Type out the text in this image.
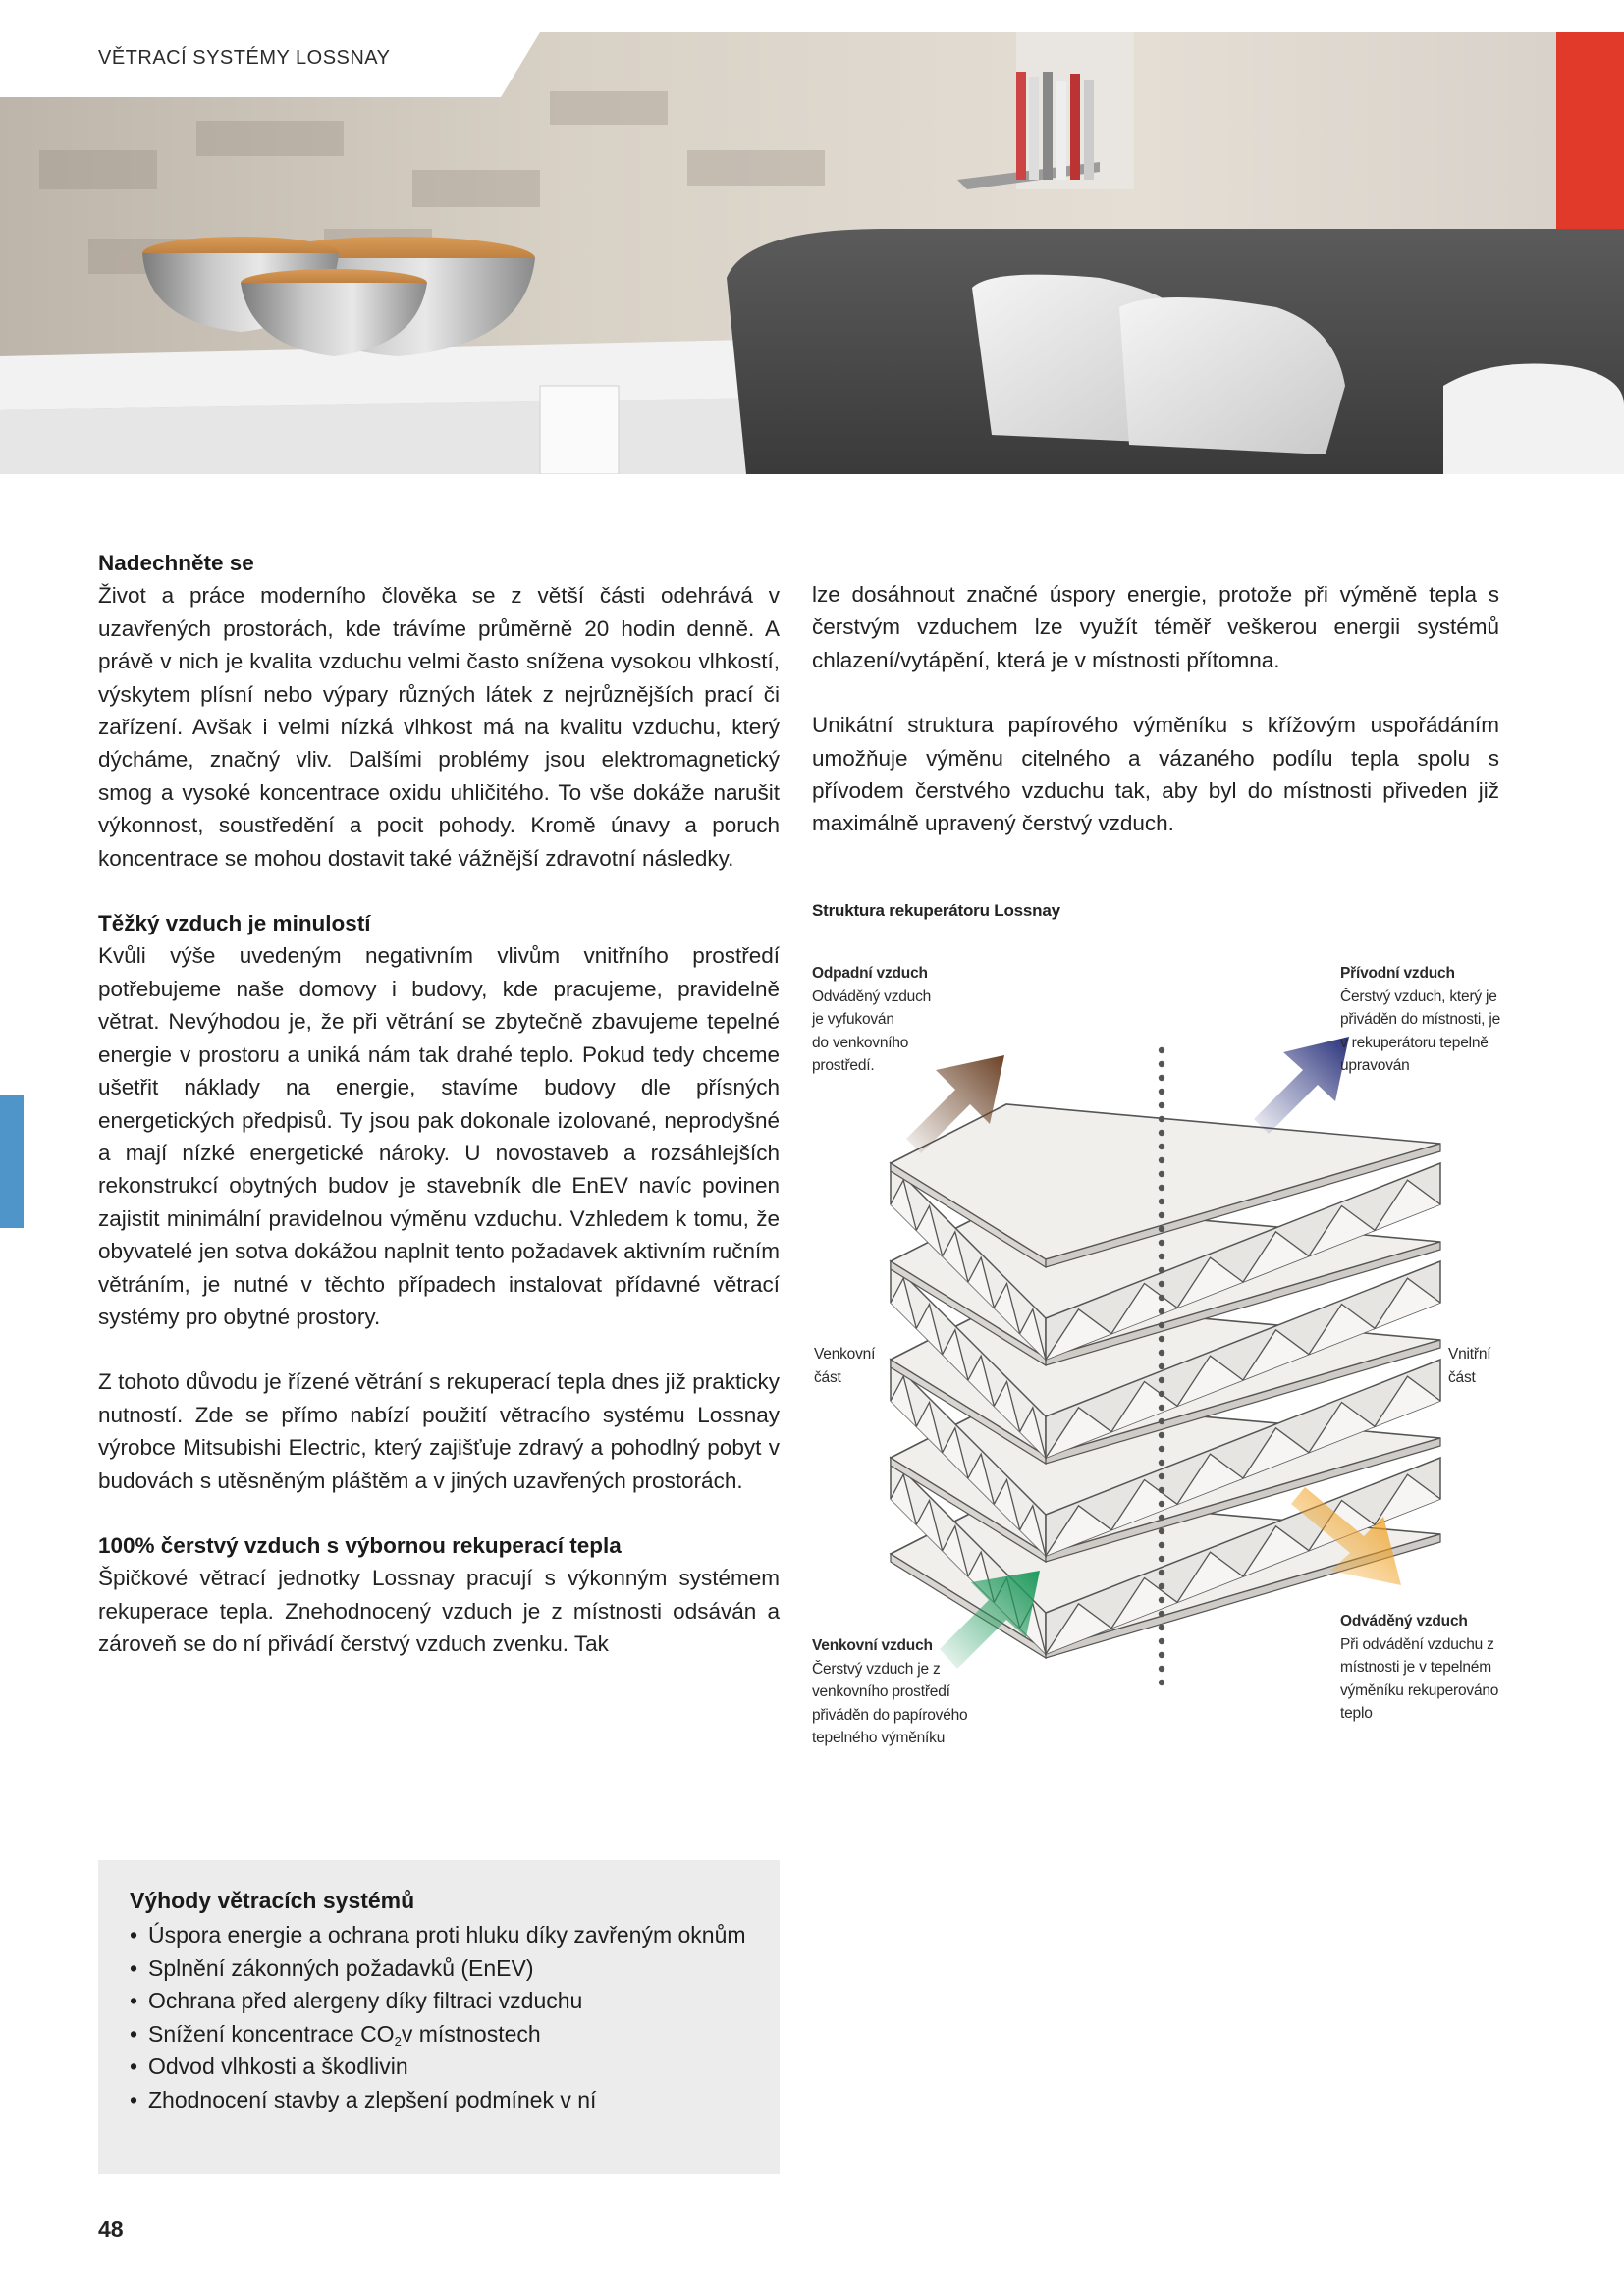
VĚTRACÍ SYSTÉMY LOSSNAY
Nadechněte se

Život a práce moderního člověka se z větší části odehrává v uzavřených prostorách, kde trávíme průměrně 20 hodin denně. A právě v nich je kvalita vzduchu velmi často snížena vysokou vlhkostí, výskytem plísní nebo výpary různých látek z nejrůznějších prací či zařízení. Avšak i velmi nízká vlhkost má na kvalitu vzduchu, který dýcháme, značný vliv. Dalšími problémy jsou elektromagnetický smog a vysoké koncentrace oxidu uhličitého. To vše dokáže narušit výkonnost, soustředění a pocit pohody. Kromě únavy a poruch koncentrace se mohou dostavit také vážnější zdravotní následky.

Těžký vzduch je minulostí

Kvůli výše uvedeným negativním vlivům vnitřního prostředí potřebujeme naše domovy i budovy, kde pracujeme, pravidelně větrat. Nevýhodou je, že při větrání se zbytečně zbavujeme tepelné energie v prostoru a uniká nám tak drahé teplo. Pokud tedy chceme ušetřit náklady na energie, stavíme budovy dle přísných energetických předpisů. Ty jsou pak dokonale izolované, neprodyšné a mají nízké energetické nároky. U novostaveb a rozsáhlejších rekonstrukcí obytných budov je stavebník dle EnEV navíc povinen zajistit minimální pravidelnou výměnu vzduchu. Vzhledem k tomu, že obyvatelé jen sotva dokážou naplnit tento požadavek aktivním ručním větráním, je nutné v těchto případech instalovat přídavné větrací systémy pro obytné prostory.

Z tohoto důvodu je řízené větrání s rekuperací tepla dnes již prakticky nutností. Zde se přímo nabízí použití větracího systému Lossnay výrobce Mitsubishi Electric, který zajišťuje zdravý a pohodlný pobyt v budovách s utěsněným pláštěm a v jiných uzavřených prostorách.

100% čerstvý vzduch s výbornou rekuperací tepla

Špičkové větrací jednotky Lossnay pracují s výkonným systémem rekuperace tepla. Znehodnocený vzduch je z místnosti odsáván a zároveň se do ní přivádí čerstvý vzduch zvenku. Tak

lze dosáhnout značné úspory energie, protože při výměně tepla s čerstvým vzduchem lze využít téměř veškerou energii systémů chlazení/vytápění, která je v místnosti přítomna.

Unikátní struktura papírového výměníku s křížovým uspořádáním umožňuje výměnu citelného a vázaného podílu tepla spolu s přívodem čerstvého vzduchu tak, aby byl do místnosti přiveden již maximálně upravený čerstvý vzduch.

Struktura rekuperátoru Lossnay
Odpadní vzduch
Odváděný vzduch
je vyfukován
do venkovního
prostředí.
Přívodní vzduch
Čerstvý vzduch, který je
přiváděn do místnosti, je
v rekuperátoru tepelně
upravován
Venkovní
část
Vnitřní
část
Venkovní vzduch
Čerstvý vzduch je z
venkovního prostředí
přiváděn do papírového
tepelného výměníku
Odváděný vzduch
Při odvádění vzduchu z
místnosti je v tepelném
výměníku rekuperováno
teplo
Výhody větracích systémů
• Úspora energie a ochrana proti hluku díky zavřeným oknům
• Splnění zákonných požadavků (EnEV)
• Ochrana před alergeny díky filtraci vzduchu
• Snížení koncentrace $CO_2v$ místnostech
• Odvod vlhkosti a škodlivin
• Zhodnocení stavby a zlepšení podmínek v ní
48
